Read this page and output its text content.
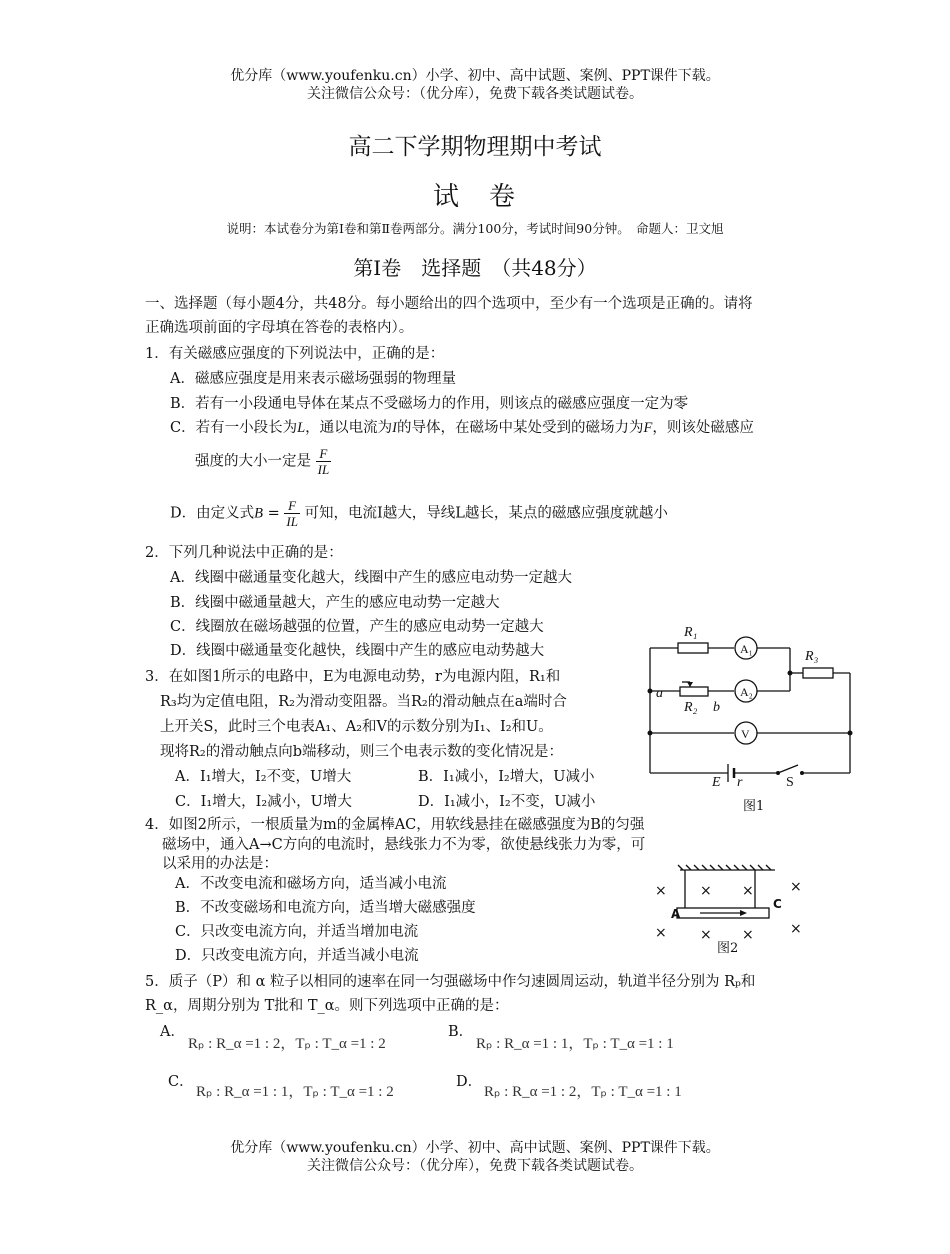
优分库（www.youfenku.cn）小学、初中、高中试题、案例、PPT课件下载。
关注微信公众号：（优分库），免费下载各类试题试卷。
高二下学期物理期中考试
试　卷
说明：本试卷分为第Ⅰ卷和第Ⅱ卷两部分。满分100分，考试时间90分钟。　命题人：卫文旭
第Ⅰ卷　选择题　（共48分）
一、选择题（每小题4分，共48分。每小题给出的四个选项中，至少有一个选项是正确的。请将
正确选项前面的字母填在答卷的表格内）。
1．有关磁感应强度的下列说法中，正确的是：
A．磁感应强度是用来表示磁场强弱的物理量
B．若有一小段通电导体在某点不受磁场力的作用，则该点的磁感应强度一定为零
C．若有一小段长为L，通以电流为I的导体，在磁场中某处受到的磁场力为F，则该处磁感应
强度的大小一定是 $\frac{F}{IL}$
D．由定义式$B = \frac{F}{IL}$ 可知，电流Ⅰ越大，导线L越长，某点的磁感应强度就越小
2．下列几种说法中正确的是：
A．线圈中磁通量变化越大，线圈中产生的感应电动势一定越大
B．线圈中磁通量越大，产生的感应电动势一定越大
C．线圈放在磁场越强的位置，产生的感应电动势一定越大
D．线圈中磁通量变化越快，线圈中产生的感应电动势越大
3．在如图1所示的电路中，E为电源电动势，r为电源内阻，R₁和
R₃均为定值电阻，R₂为滑动变阻器。当R₂的滑动触点在a端时合
上开关S，此时三个电表A₁、A₂和V的示数分别为I₁、I₂和U。
现将R₂的滑动触点向b端移动，则三个电表示数的变化情况是：
A．I₁增大，I₂不变，U增大	B．I₁减小，I₂增大，U减小
C．I₁增大，I₂减小，U增大	D．I₁减小，I₂不变，U减小
R₁
A₁	R₃
a	A₂
R₂ b
V
E r	S
图1
4．如图2所示，一根质量为m的金属棒AC，用软线悬挂在磁感强度为B的匀强
磁场中，通入A→C方向的电流时，悬线张力不为零，欲使悬线张力为零，可
以采用的办法是：
A．不改变电流和磁场方向，适当减小电流
B．不改变磁场和电流方向，适当增大磁感强度
C．只改变电流方向，并适当增加电流
D．只改变电流方向，并适当减小电流
× × ×	×
× × ×	×
A
C
图2
5．质子（P）和 α 粒子以相同的速率在同一匀强磁场中作匀速圆周运动，轨道半径分别为 Rₚ和
R_α，周期分别为 T批和 T_α。则下列选项中正确的是：
A．
Rₚ : R_α =1 : 2，Tₚ : T_α =1 : 2
B．
Rₚ : R_α =1 : 1，Tₚ : T_α =1 : 1
C．
Rₚ : R_α =1 : 1，Tₚ : T_α =1 : 2
D．
Rₚ : R_α =1 : 2，Tₚ : T_α =1 : 1
优分库（www.youfenku.cn）小学、初中、高中试题、案例、PPT课件下载。
关注微信公众号：（优分库），免费下载各类试题试卷。
